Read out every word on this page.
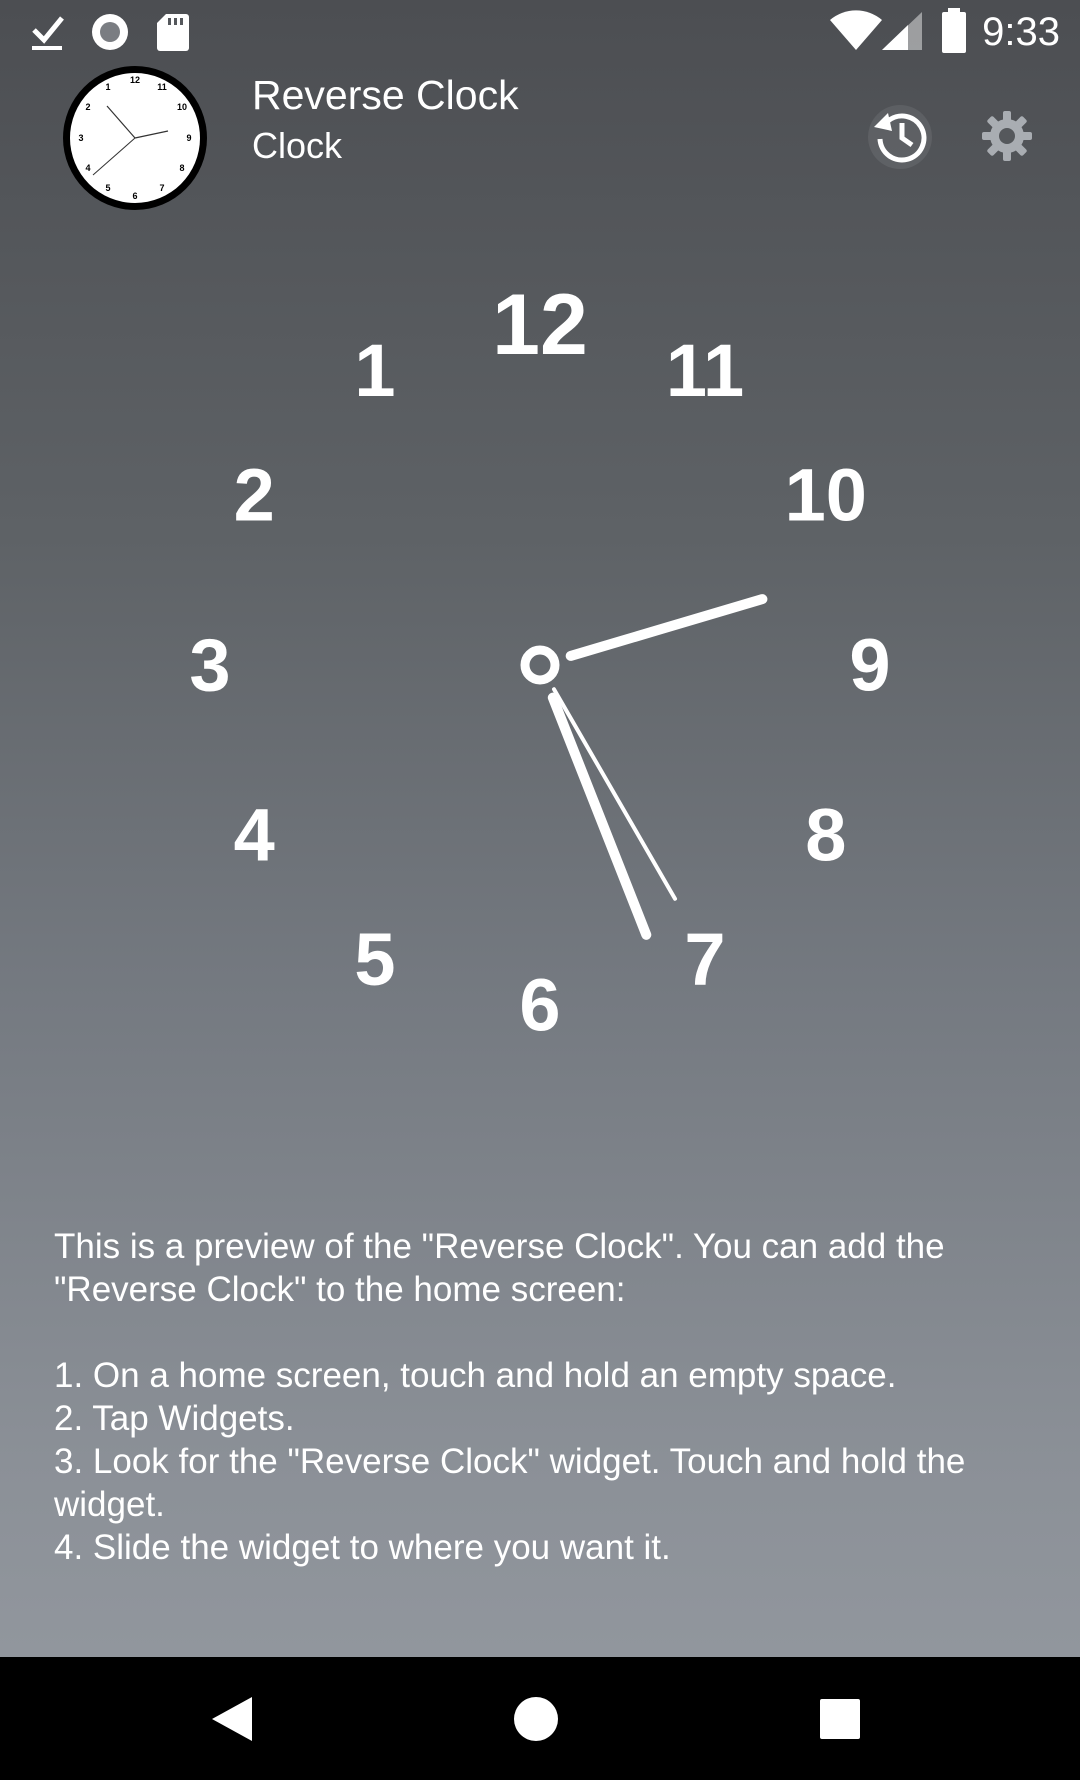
9:33
12
1
2
3
4
5
6
7
8
9
10
11 Reverse Clock
Clock
12
1
2
3
4
5
6
7
8
9
10
11

This is a preview of the "Reverse Clock". You can add the "Reverse Clock" to the home screen:

1. On a home screen, touch and hold an empty space.

2. Tap Widgets.

3. Look for the "Reverse Clock" widget. Touch and hold the widget.

4. Slide the widget to where you want it.
